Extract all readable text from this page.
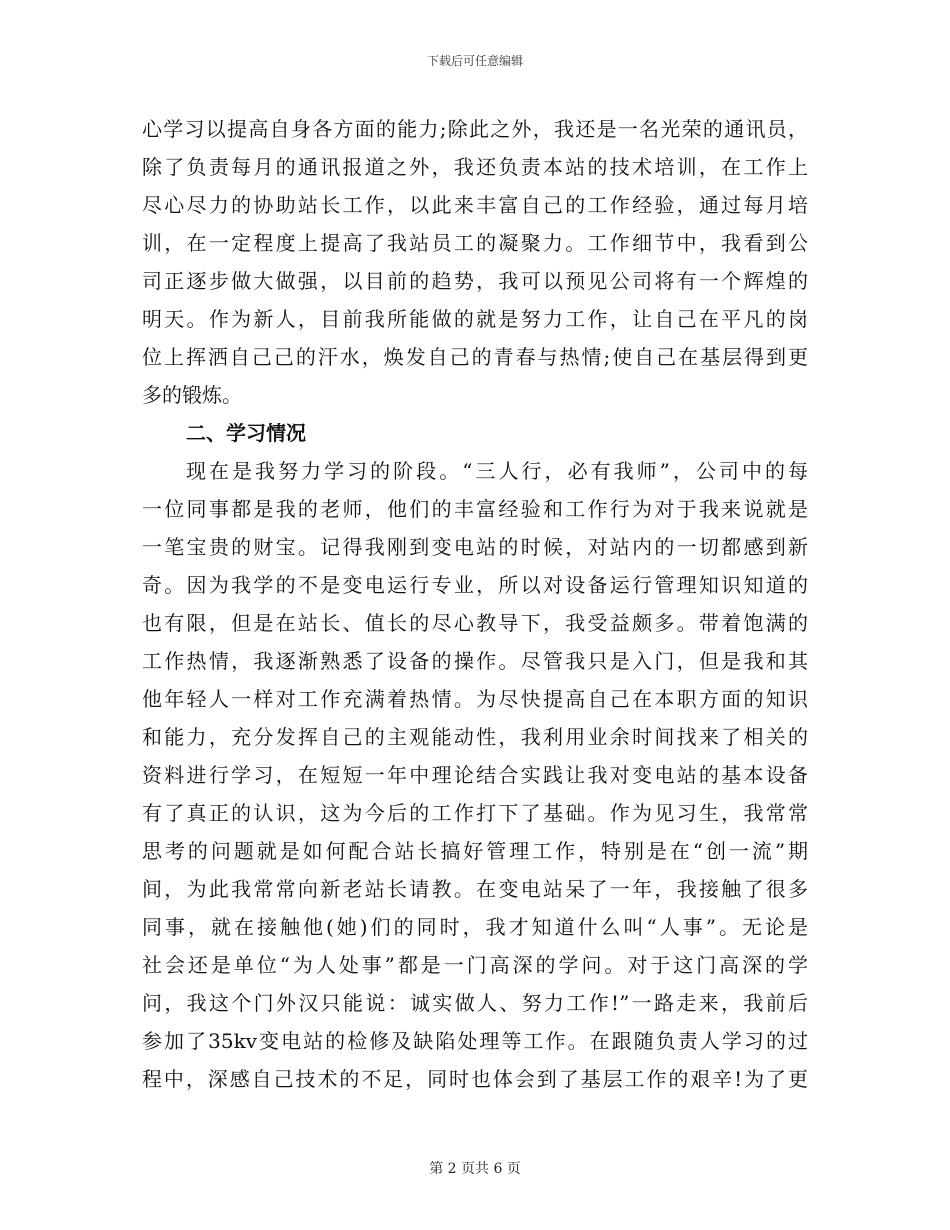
下载后可任意编辑
心学习以提高自身各方面的能力;除此之外，我还是一名光荣的通讯员，
除了负责每月的通讯报道之外，我还负责本站的技术培训，在工作上
尽心尽力的协助站长工作，以此来丰富自己的工作经验，通过每月培
训，在一定程度上提高了我站员工的凝聚力。工作细节中，我看到公
司正逐步做大做强，以目前的趋势，我可以预见公司将有一个辉煌的
明天。作为新人，目前我所能做的就是努力工作，让自己在平凡的岗
位上挥洒自己己的汗水，焕发自己的青春与热情;使自己在基层得到更
多的锻炼。
二、学习情况
现在是我努力学习的阶段。“三人行，必有我师”，公司中的每
一位同事都是我的老师，他们的丰富经验和工作行为对于我来说就是
一笔宝贵的财宝。记得我刚到变电站的时候，对站内的一切都感到新
奇。因为我学的不是变电运行专业，所以对设备运行管理知识知道的
也有限，但是在站长、值长的尽心教导下，我受益颇多。带着饱满的
工作热情，我逐渐熟悉了设备的操作。尽管我只是入门，但是我和其
他年轻人一样对工作充满着热情。为尽快提高自己在本职方面的知识
和能力，充分发挥自己的主观能动性，我利用业余时间找来了相关的
资料进行学习，在短短一年中理论结合实践让我对变电站的基本设备
有了真正的认识，这为今后的工作打下了基础。作为见习生，我常常
思考的问题就是如何配合站长搞好管理工作，特别是在“创一流”期
间，为此我常常向新老站长请教。在变电站呆了一年，我接触了很多
同事，就在接触他(她)们的同时，我才知道什么叫“人事”。无论是
社会还是单位“为人处事”都是一门高深的学问。对于这门高深的学
问，我这个门外汉只能说：诚实做人、努力工作!”一路走来，我前后
参加了35kv变电站的检修及缺陷处理等工作。在跟随负责人学习的过
程中，深感自己技术的不足，同时也体会到了基层工作的艰辛!为了更
第 2 页共 6 页
